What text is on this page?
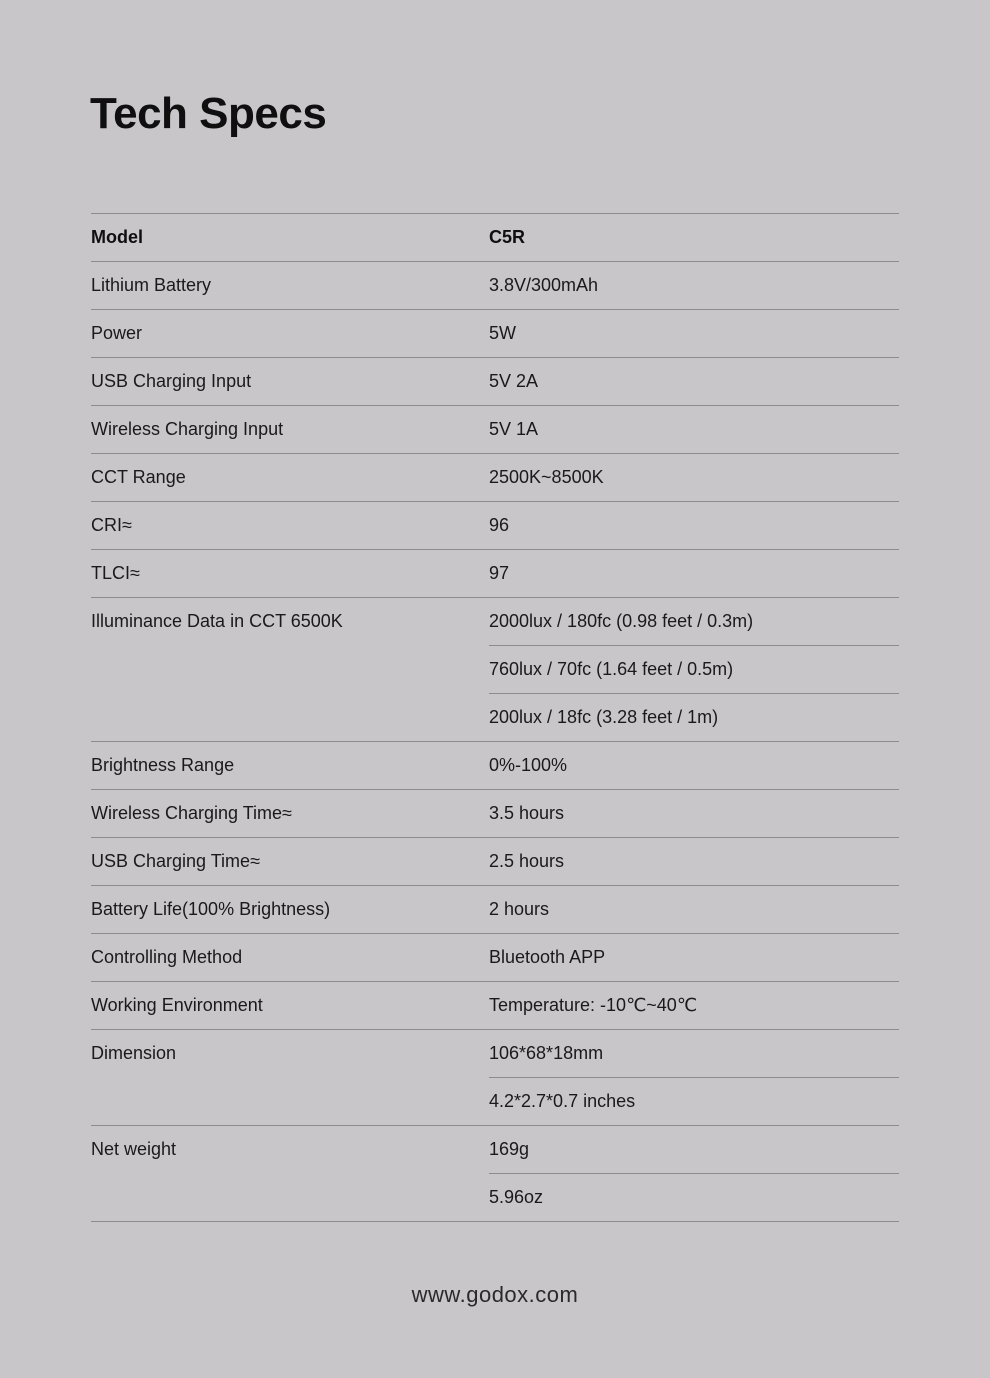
Tech Specs
Model	C5R
Lithium Battery	3.8V/300mAh
Power	5W
USB Charging Input	5V 2A
Wireless Charging Input	5V 1A
CCT Range	2500K~8500K
CRI≈	96
TLCI≈	97
Illuminance Data in CCT 6500K	2000lux / 180fc (0.98 feet / 0.3m)
760lux / 70fc (1.64 feet / 0.5m)
200lux / 18fc (3.28 feet / 1m)
Brightness Range	0%-100%
Wireless Charging Time≈	3.5 hours
USB Charging Time≈	2.5 hours
Battery Life(100% Brightness)	2 hours
Controlling Method	Bluetooth APP
Working Environment	Temperature: -10℃~40℃
Dimension	106*68*18mm
4.2*2.7*0.7 inches
Net weight	169g
5.96oz
www.godox.com
